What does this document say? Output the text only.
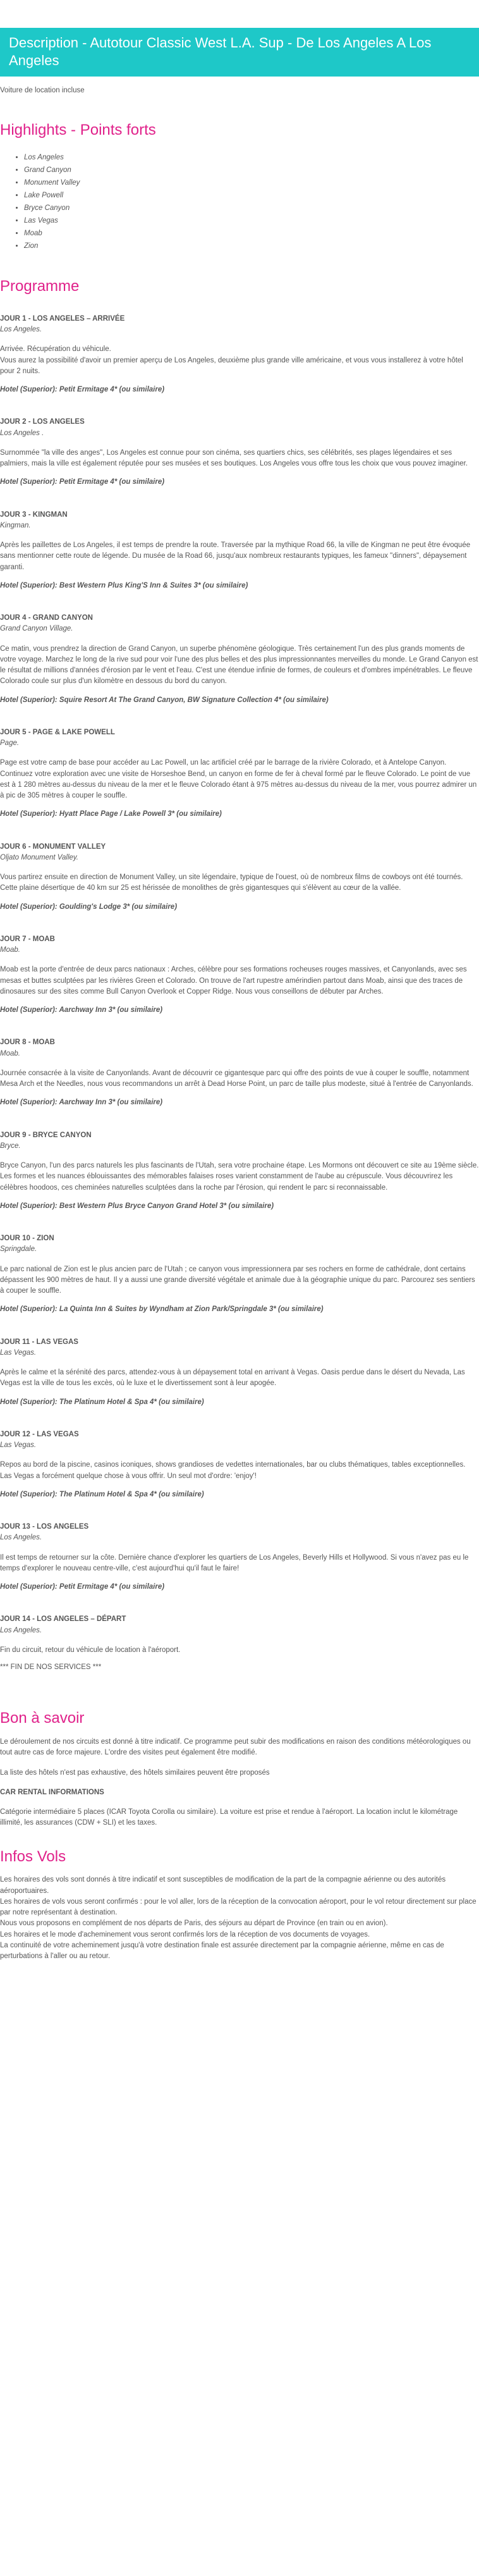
Description - Autotour Classic West L.A. Sup - De Los Angeles A Los Angeles

Voiture de location incluse

Highlights - Points forts
• Los Angeles
• Grand Canyon
• Monument Valley
• Lake Powell
• Bryce Canyon
• Las Vegas
• Moab
• Zion
Programme

JOUR 1 - LOS ANGELES – ARRIVÉE

Los Angeles.

Arrivée. Récupération du véhicule.
Vous aurez la possibilité d'avoir un premier aperçu de Los Angeles, deuxième plus grande ville américaine, et vous vous installerez à votre hôtel pour 2 nuits.

Hotel (Superior): Petit Ermitage 4* (ou similaire)

JOUR 2 - LOS ANGELES

Los Angeles .

Surnommée "la ville des anges", Los Angeles est connue pour son cinéma, ses quartiers chics, ses célébrités, ses plages légendaires et ses palmiers, mais la ville est également réputée pour ses musées et ses boutiques. Los Angeles vous offre tous les choix que vous pouvez imaginer.

Hotel (Superior): Petit Ermitage 4* (ou similaire)

JOUR 3 - KINGMAN

Kingman.

Après les paillettes de Los Angeles, il est temps de prendre la route. Traversée par la mythique Road 66, la ville de Kingman ne peut être évoquée sans mentionner cette route de légende. Du musée de la Road 66, jusqu'aux nombreux restaurants typiques, les fameux "dinners", dépaysement garanti.

Hotel (Superior): Best Western Plus King'S Inn & Suites 3* (ou similaire)

JOUR 4 - GRAND CANYON

Grand Canyon Village.

Ce matin, vous prendrez la direction de Grand Canyon, un superbe phénomène géologique. Très certainement l'un des plus grands moments de votre voyage. Marchez le long de la rive sud pour voir l'une des plus belles et des plus impressionnantes merveilles du monde. Le Grand Canyon est le résultat de millions d'années d'érosion par le vent et l'eau. C'est une étendue infinie de formes, de couleurs et d'ombres impénétrables. Le fleuve Colorado coule sur plus d'un kilomètre en dessous du bord du canyon.

Hotel (Superior): Squire Resort At The Grand Canyon, BW Signature Collection 4* (ou similaire)

JOUR 5 - PAGE & LAKE POWELL

Page.

Page est votre camp de base pour accéder au Lac Powell, un lac artificiel créé par le barrage de la rivière Colorado, et à Antelope Canyon. Continuez votre exploration avec une visite de Horseshoe Bend, un canyon en forme de fer à cheval formé par le fleuve Colorado. Le point de vue est à 1 280 mètres au-dessus du niveau de la mer et le fleuve Colorado étant à 975 mètres au-dessus du niveau de la mer, vous pourrez admirer un à pic de 305 mètres à couper le souffle.

Hotel (Superior): Hyatt Place Page / Lake Powell 3* (ou similaire)

JOUR 6 - MONUMENT VALLEY

Oljato Monument Valley.

Vous partirez ensuite en direction de Monument Valley, un site légendaire, typique de l'ouest, où de nombreux films de cowboys ont été tournés. Cette plaine désertique de 40 km sur 25 est hérissée de monolithes de grès gigantesques qui s'élèvent au cœur de la vallée.

Hotel (Superior): Goulding's Lodge 3* (ou similaire)

JOUR 7 - MOAB

Moab.

Moab est la porte d'entrée de deux parcs nationaux : Arches, célèbre pour ses formations rocheuses rouges massives, et Canyonlands, avec ses mesas et buttes sculptées par les rivières Green et Colorado. On trouve de l'art rupestre amérindien partout dans Moab, ainsi que des traces de dinosaures sur des sites comme Bull Canyon Overlook et Copper Ridge. Nous vous conseillons de débuter par Arches.

Hotel (Superior): Aarchway Inn 3* (ou similaire)

JOUR 8 - MOAB

Moab.

Journée consacrée à la visite de Canyonlands. Avant de découvrir ce gigantesque parc qui offre des points de vue à couper le souffle, notamment Mesa Arch et the Needles, nous vous recommandons un arrêt à Dead Horse Point, un parc de taille plus modeste, situé à l'entrée de Canyonlands.

Hotel (Superior): Aarchway Inn 3* (ou similaire)

JOUR 9 - BRYCE CANYON

Bryce.

Bryce Canyon, l'un des parcs naturels les plus fascinants de l'Utah, sera votre prochaine étape. Les Mormons ont découvert ce site au 19ème siècle. Les formes et les nuances éblouissantes des mémorables falaises roses varient constamment de l'aube au crépuscule. Vous découvrirez les célèbres hoodoos, ces cheminées naturelles sculptées dans la roche par l'érosion, qui rendent le parc si reconnaissable.

Hotel (Superior): Best Western Plus Bryce Canyon Grand Hotel 3* (ou similaire)

JOUR 10 - ZION

Springdale.

Le parc national de Zion est le plus ancien parc de l'Utah ; ce canyon vous impressionnera par ses rochers en forme de cathédrale, dont certains dépassent les 900 mètres de haut. Il y a aussi une grande diversité végétale et animale due à la géographie unique du parc. Parcourez ses sentiers à couper le souffle.

Hotel (Superior): La Quinta Inn & Suites by Wyndham at Zion Park/Springdale 3* (ou similaire)

JOUR 11 - LAS VEGAS

Las Vegas.

Après le calme et la sérénité des parcs, attendez-vous à un dépaysement total en arrivant à Vegas. Oasis perdue dans le désert du Nevada, Las Vegas est la ville de tous les excès, où le luxe et le divertissement sont à leur apogée.

Hotel (Superior): The Platinum Hotel & Spa 4* (ou similaire)

JOUR 12 - LAS VEGAS

Las Vegas.

Repos au bord de la piscine, casinos iconiques, shows grandioses de vedettes internationales, bar ou clubs thématiques, tables exceptionnelles. Las Vegas a forcément quelque chose à vous offrir. Un seul mot d'ordre: 'enjoy'!

Hotel (Superior): The Platinum Hotel & Spa 4* (ou similaire)

JOUR 13 - LOS ANGELES

Los Angeles.

Il est temps de retourner sur la côte. Dernière chance d'explorer les quartiers de Los Angeles, Beverly Hills et Hollywood. Si vous n'avez pas eu le temps d'explorer le nouveau centre-ville, c'est aujourd'hui qu'il faut le faire!

Hotel (Superior): Petit Ermitage 4* (ou similaire)

JOUR 14 - LOS ANGELES – DÉPART

Los Angeles.

Fin du circuit, retour du véhicule de location à l'aéroport.

*** FIN DE NOS SERVICES ***

Bon à savoir

Le déroulement de nos circuits est donné à titre indicatif. Ce programme peut subir des modifications en raison des conditions météorologiques ou tout autre cas de force majeure. L'ordre des visites peut également être modifié.

La liste des hôtels n'est pas exhaustive, des hôtels similaires peuvent être proposés

CAR RENTAL INFORMATIONS

Catégorie intermédiaire 5 places (ICAR Toyota Corolla ou similaire). La voiture est prise et rendue à l'aéroport. La location inclut le kilométrage illimité, les assurances (CDW + SLI) et les taxes.

Infos Vols

Les horaires des vols sont donnés à titre indicatif et sont susceptibles de modification de la part de la compagnie aérienne ou des autorités aéroportuaires.
Les horaires de vols vous seront confirmés : pour le vol aller, lors de la réception de la convocation aéroport, pour le vol retour directement sur place par notre représentant à destination.
Nous vous proposons en complément de nos départs de Paris, des séjours au départ de Province (en train ou en avion).
Les horaires et le mode d'acheminement vous seront confirmés lors de la réception de vos documents de voyages.
La continuité de votre acheminement jusqu'à votre destination finale est assurée directement par la compagnie aérienne, même en cas de perturbations à l'aller ou au retour.
